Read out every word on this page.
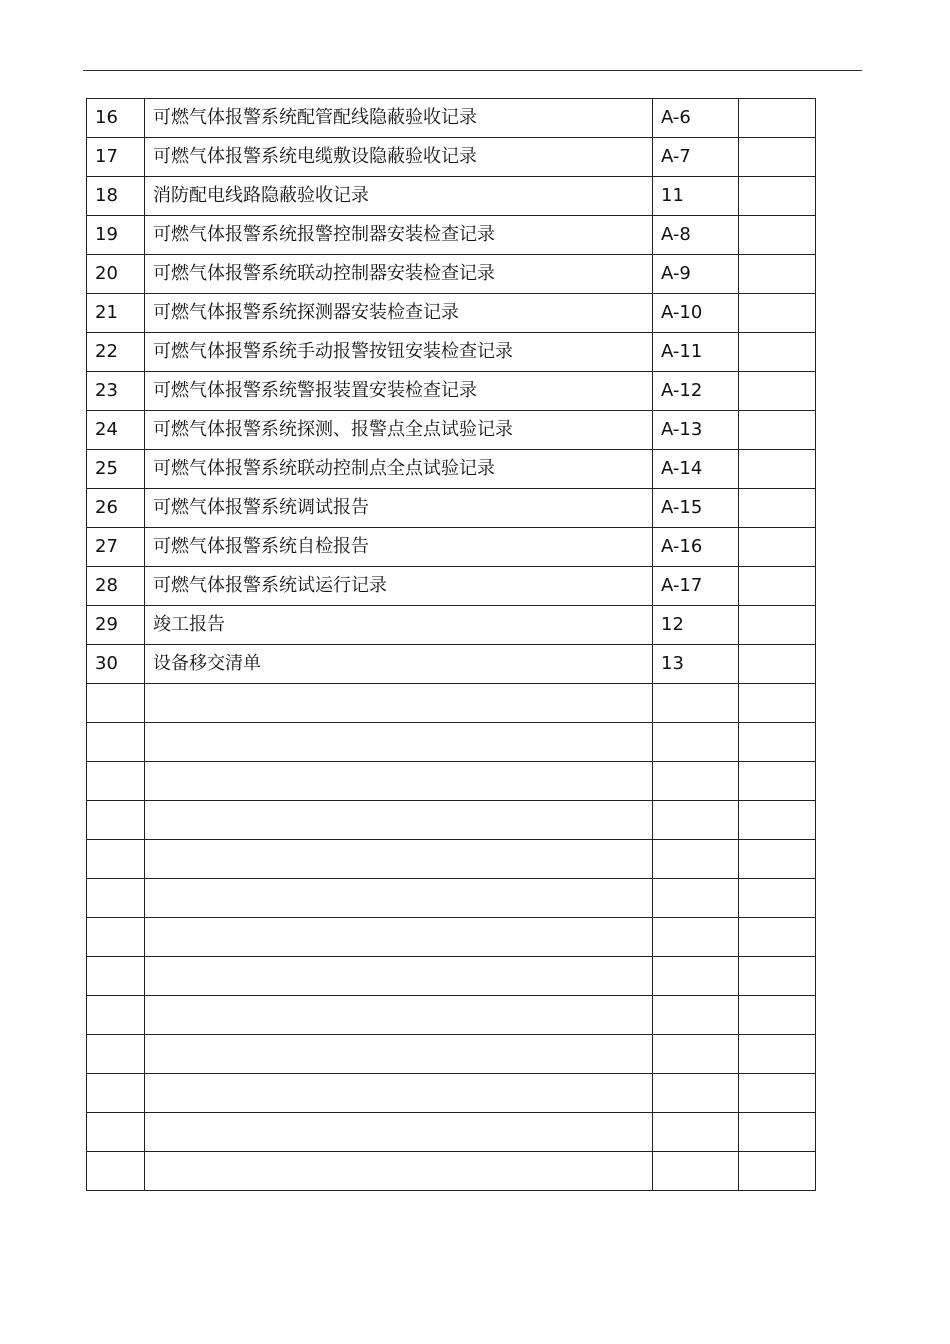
16	可燃气体报警系统配管配线隐蔽验收记录	A-6	
17	可燃气体报警系统电缆敷设隐蔽验收记录	A-7	
18	消防配电线路隐蔽验收记录	11	
19	可燃气体报警系统报警控制器安装检查记录	A-8	
20	可燃气体报警系统联动控制器安装检查记录	A-9	
21	可燃气体报警系统探测器安装检查记录	A-10	
22	可燃气体报警系统手动报警按钮安装检查记录	A-11	
23	可燃气体报警系统警报装置安装检查记录	A-12	
24	可燃气体报警系统探测、报警点全点试验记录	A-13	
25	可燃气体报警系统联动控制点全点试验记录	A-14	
26	可燃气体报警系统调试报告	A-15	
27	可燃气体报警系统自检报告	A-16	
28	可燃气体报警系统试运行记录	A-17	
29	竣工报告	12	
30	设备移交清单	13	
